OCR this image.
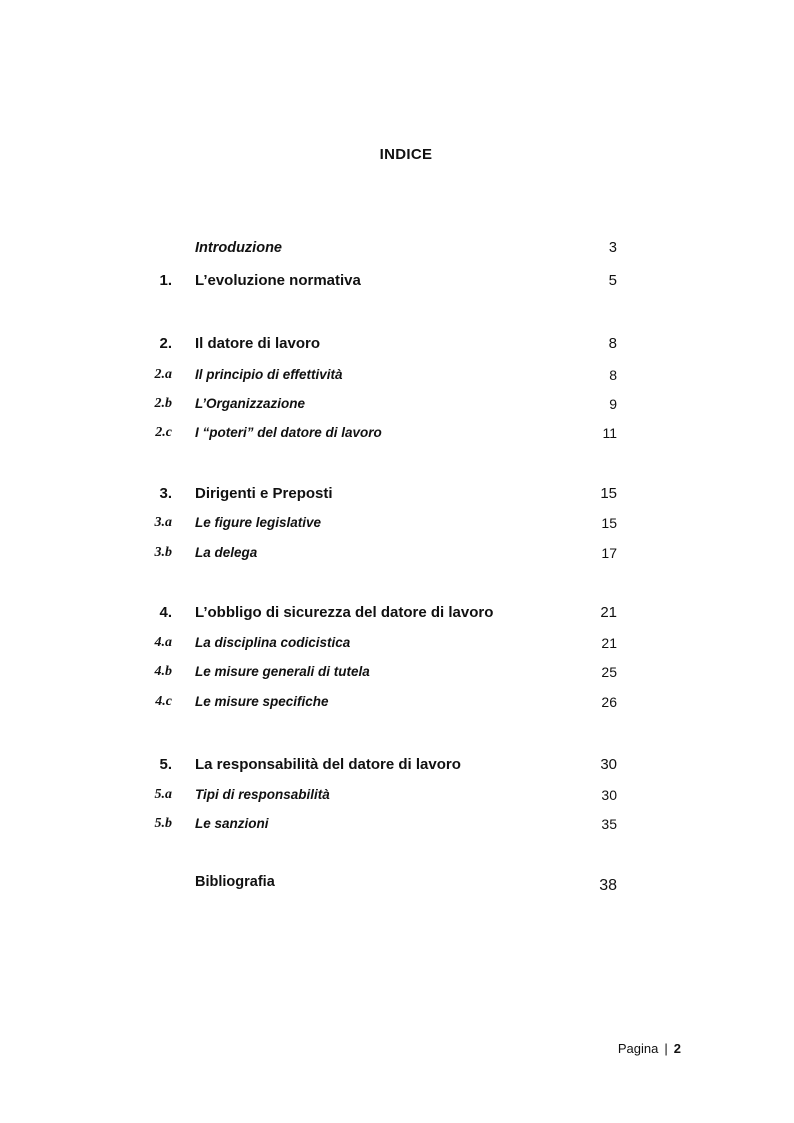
INDICE
Introduzione	3
1. L’evoluzione normativa	5
2. Il datore di lavoro	8
2.a Il principio di effettività	8
2.b L’Organizzazione	9
2.c I “poteri” del datore di lavoro	11
3. Dirigenti e Preposti	15
3.a Le figure legislative	15
3.b La delega	17
4. L’obbligo di sicurezza del datore di lavoro	21
4.a La disciplina codicistica	21
4.b Le misure generali di tutela	25
4.c Le misure specifiche	26
5. La responsabilità del datore di lavoro	30
5.a Tipi di responsabilità	30
5.b Le sanzioni	35
Bibliografia	38
Pagina | 2
